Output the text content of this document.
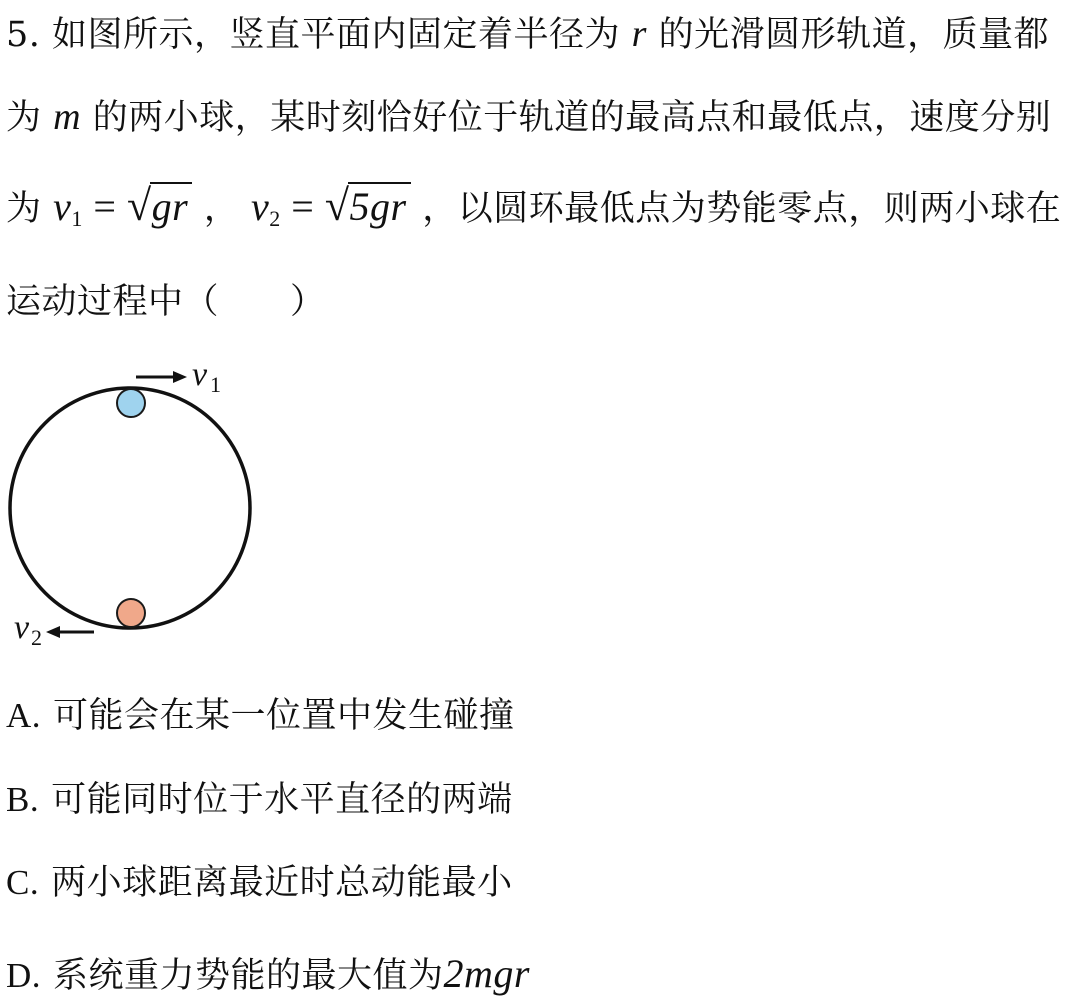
5. 如图所示，竖直平面内固定着半径为 r 的光滑圆形轨道，质量都
为 m 的两小球，某时刻恰好位于轨道的最高点和最低点，速度分别
为 $v_1 = √gr$ ， $v_2 = √5gr$ ，以圆环最低点为势能零点，则两小球在
运动过程中（　　）
v 1
v 2
A. 可能会在某一位置中发生碰撞
B. 可能同时位于水平直径的两端
C. 两小球距离最近时总动能最小
D. 系统重力势能的最大值为2mgr
